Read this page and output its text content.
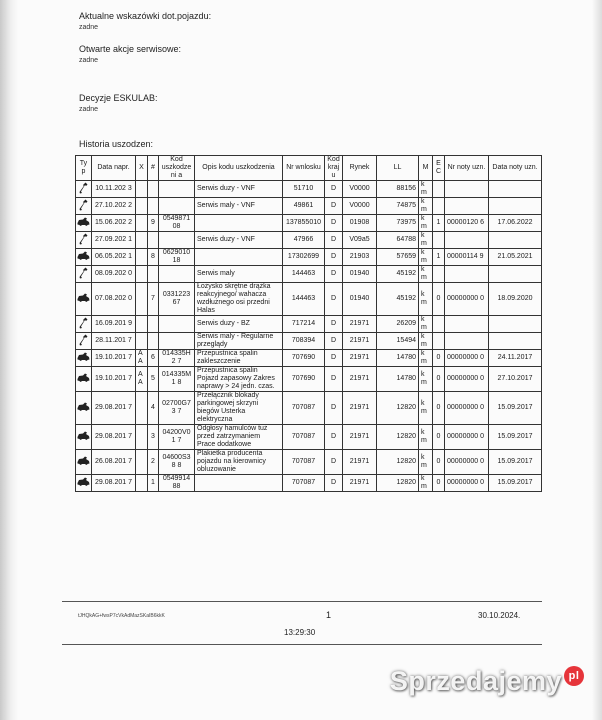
Aktualne wskazówki dot.pojazdu:
zadne
Otwarte akcje serwisowe:
zadne
Decyzje ESKULAB:
zadne
Historia uszodzen:
Typ	Data napr.	X	#	Kod uszkodzeni a	Opis kodu uszkodzenia	Nr wnlosku	Kod kraj u	Rynek	LL	M	E C	Nr noty uzn.	Data noty uzn.
	10.11.202 3				Serwis duzy - VNF	51710	D	V0000	88156	km			
	27.10.202 2				Serwis maly - VNF	49861	D	V0000	74875	km			
	15.06.202 2		9	054987108		137855010	D	01908	73975	km	1	00000120 6	17.06.2022
	27.09.202 1				Serwis duzy - VNF	47966	D	V09a5	64788	km			
	06.05.202 1		8	062901018		17302699	D	21903	57659	km	1	00000114 9	21.05.2021
	08.09.202 0				Serwis maly	144463	D	01940	45192	km			
	07.08.202 0		7	033122367	Łożysko skrętne drążka reakcyjnego/ wahacza wzdłużnego osi przedni Halas	144463	D	01940	45192	km	0	00000000 0	18.09.2020
	16.09.201 9				Serwis duzy - BZ	717214	D	21971	26209	km			
	28.11.201 7				Serwis maly - Regularne przeglądy	708394	D	21971	15494	km			
	19.10.201 7	AA	6	014335H2 7	Przepustnica spalin zakleszczenie	707690	D	21971	14780	km	0	00000000 0	24.11.2017
	19.10.201 7	AA	5	014335M1 8	Przepustnica spalin Pojazd zapasowy Zakres naprawy > 24 jedn. czas.	707690	D	21971	14780	km	0	00000000 0	27.10.2017
	29.08.201 7		4	02700G73 7	Przełącznik blokady parkingowej skrzyni biegów Usterka elektryczna	707087	D	21971	12820	km	0	00000000 0	15.09.2017
	29.08.201 7		3	04200V01 7	Odgłosy hamulców tuż przed zatrzymaniem Prace dodatkowe	707087	D	21971	12820	km	0	00000000 0	15.09.2017
	26.08.201 7		2	04600S38 8	Plakietka producenta pojazdu na kierownicy obluzowanie	707087	D	21971	12820	km	0	00000000 0	15.09.2017
	29.08.201 7		1	054991488		707087	D	21971	12820	km	0	00000000 0	15.09.2017
tJHQkAG+fwsP7cVkAdMazSKaIB6kkK	1	30.10.2024.
13:29:30
Sprzedajemy pl
